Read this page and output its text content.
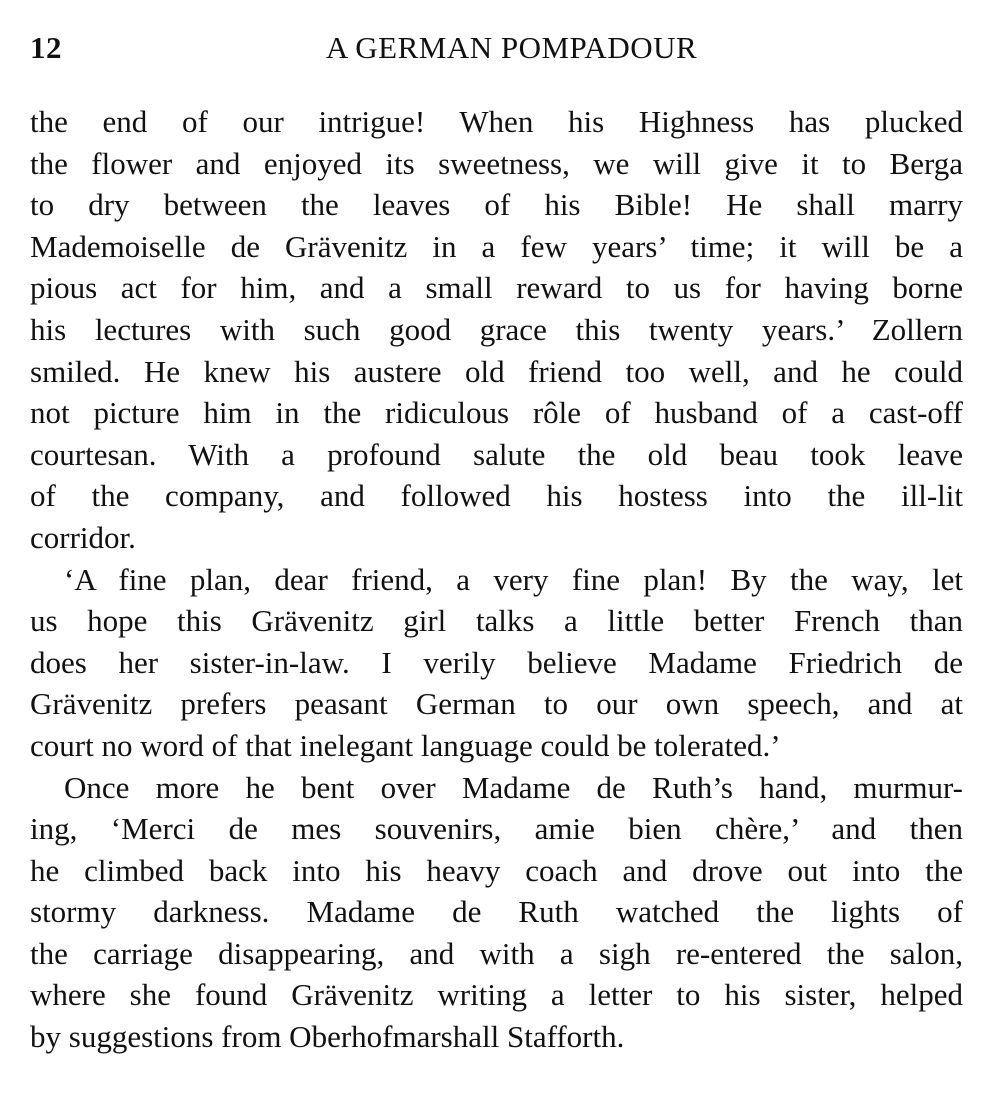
12	A GERMAN POMPADOUR
the end of our intrigue! When his Highness has plucked
the flower and enjoyed its sweetness, we will give it to Berga
to dry between the leaves of his Bible! He shall marry
Mademoiselle de Grävenitz in a few years’ time; it will be a
pious act for him, and a small reward to us for having borne
his lectures with such good grace this twenty years.’ Zollern
smiled. He knew his austere old friend too well, and he could
not picture him in the ridiculous rôle of husband of a cast-off
courtesan. With a profound salute the old beau took leave
of the company, and followed his hostess into the ill-lit
corridor.
‘A fine plan, dear friend, a very fine plan! By the way, let
us hope this Grävenitz girl talks a little better French than
does her sister-in-law. I verily believe Madame Friedrich de
Grävenitz prefers peasant German to our own speech, and at
court no word of that inelegant language could be tolerated.’
Once more he bent over Madame de Ruth’s hand, murmur-
ing, ‘Merci de mes souvenirs, amie bien chère,’ and then
he climbed back into his heavy coach and drove out into the
stormy darkness. Madame de Ruth watched the lights of
the carriage disappearing, and with a sigh re-entered the salon,
where she found Grävenitz writing a letter to his sister, helped
by suggestions from Oberhofmarshall Stafforth.
